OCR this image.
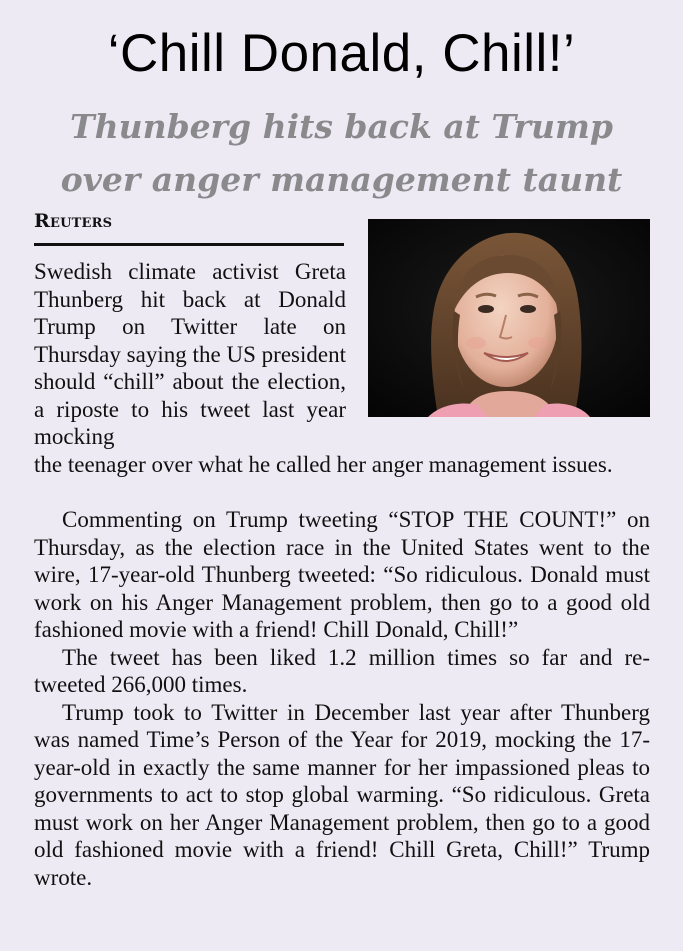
‘Chill Donald, Chill!’
Thunberg hits back at Trump
over anger management taunt
Reuters

Swedish climate activist Greta Thunberg hit back at Donald Trump on Twitter late on Thursday saying the US president should “chill” about the election, a riposte to his tweet last year mocking

the teenager over what he called her anger management issues.

Commenting on Trump tweeting “STOP THE COUNT!” on Thursday, as the election race in the United States went to the wire, 17-year-old Thunberg tweeted: “So ridiculous. Donald must work on his Anger Management problem, then go to a good old fashioned movie with a friend! Chill Donald, Chill!”

The tweet has been liked 1.2 million times so far and re-tweeted 266,000 times.

Trump took to Twitter in December last year after Thunberg was named Time’s Person of the Year for 2019, mocking the 17-year-old in exactly the same manner for her impassioned pleas to governments to act to stop global warming. “So ridiculous. Greta must work on her Anger Management problem, then go to a good old fashioned movie with a friend! Chill Greta, Chill!” Trump wrote.
